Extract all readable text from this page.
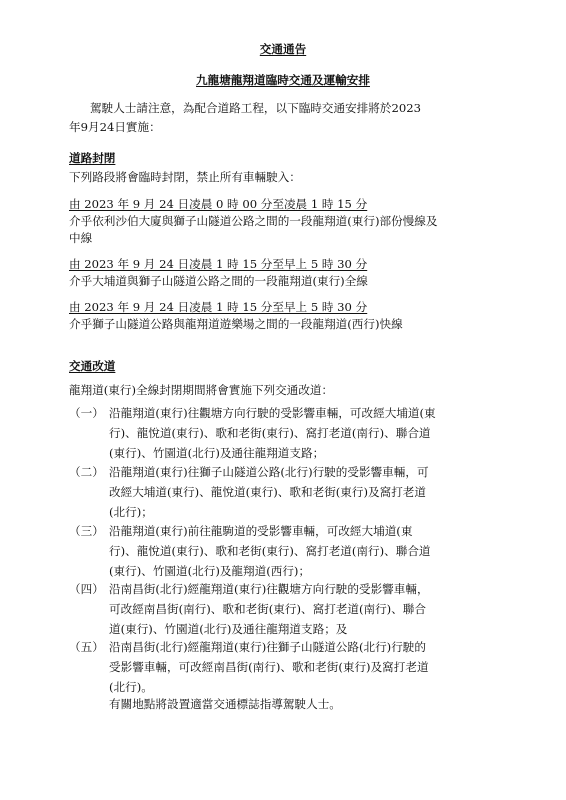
交通通告
九龍塘龍翔道臨時交通及運輸安排
駕駛人士請注意，為配合道路工程，以下臨時交通安排將於2023
年9月24日實施：
道路封閉
下列路段將會臨時封閉，禁止所有車輛駛入：
由 2023 年 9 月 24 日凌晨 0 時 00 分至凌晨 1 時 15 分
介乎依利沙伯大廈與獅子山隧道公路之間的一段龍翔道(東行)部份慢線及
中線
由 2023 年 9 月 24 日凌晨 1 時 15 分至早上 5 時 30 分
介乎大埔道與獅子山隧道公路之間的一段龍翔道(東行)全線
由 2023 年 9 月 24 日凌晨 1 時 15 分至早上 5 時 30 分
介乎獅子山隧道公路與龍翔道遊樂場之間的一段龍翔道(西行)快線
交通改道
龍翔道(東行)全線封閉期間將會實施下列交通改道：
（一） 沿龍翔道(東行)往觀塘方向行駛的受影響車輛，可改經大埔道(東
行)、龍悅道(東行)、歌和老街(東行)、窩打老道(南行)、聯合道
(東行)、竹園道(北行)及通往龍翔道支路；
（二） 沿龍翔道(東行)往獅子山隧道公路(北行)行駛的受影響車輛，可
改經大埔道(東行)、龍悅道(東行)、歌和老街(東行)及窩打老道
(北行)；
（三） 沿龍翔道(東行)前往龍駒道的受影響車輛，可改經大埔道(東
行)、龍悅道(東行)、歌和老街(東行)、窩打老道(南行)、聯合道
(東行)、竹園道(北行)及龍翔道(西行)；
（四） 沿南昌街(北行)經龍翔道(東行)往觀塘方向行駛的受影響車輛，
可改經南昌街(南行)、歌和老街(東行)、窩打老道(南行)、聯合
道(東行)、竹園道(北行)及通往龍翔道支路；及
（五） 沿南昌街(北行)經龍翔道(東行)往獅子山隧道公路(北行)行駛的
受影響車輛，可改經南昌街(南行)、歌和老街(東行)及窩打老道
(北行)。
有關地點將設置適當交通標誌指導駕駛人士。
